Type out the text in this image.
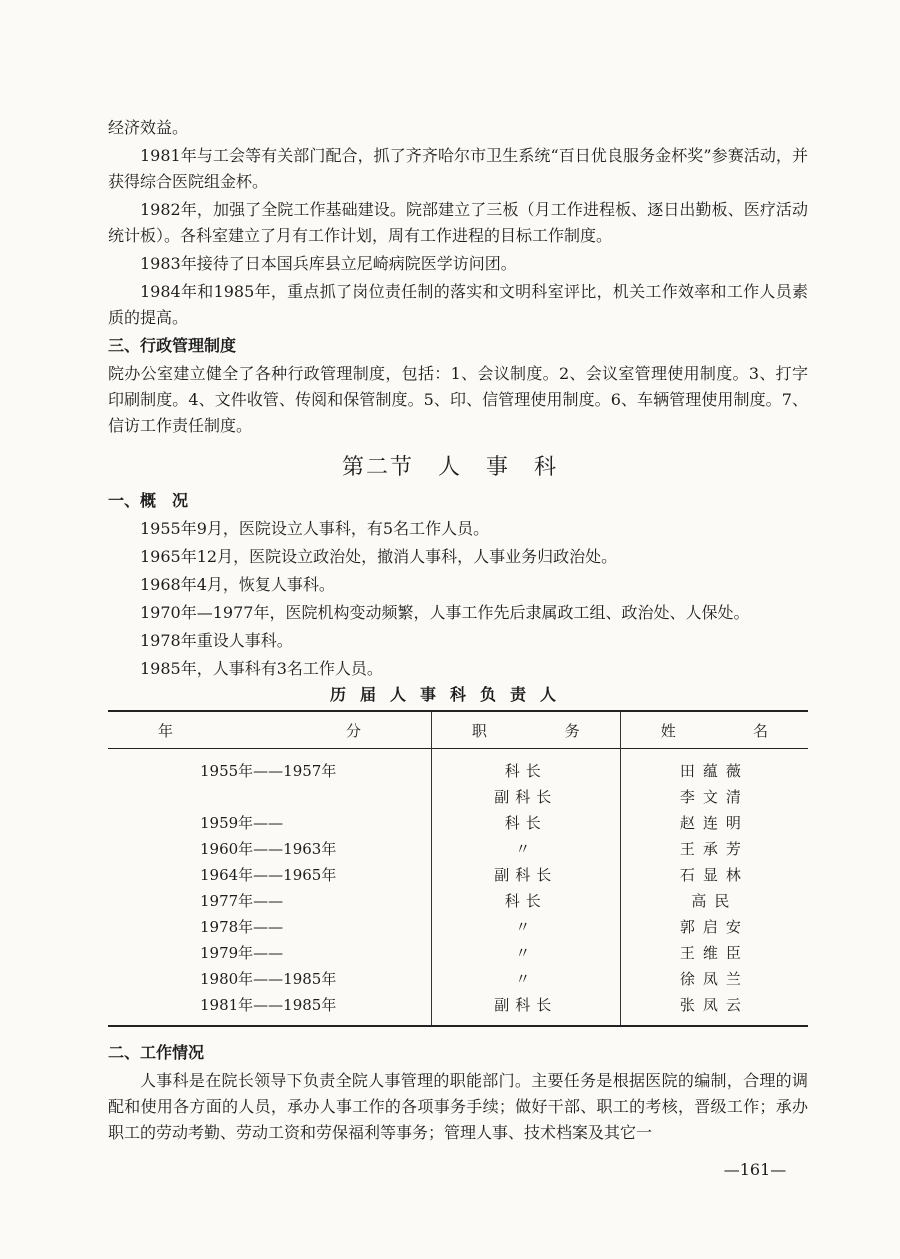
经济效益。

1981年与工会等有关部门配合，抓了齐齐哈尔市卫生系统“百日优良服务金杯奖”参赛活动，并获得综合医院组金杯。

1982年，加强了全院工作基础建设。院部建立了三板（月工作进程板、逐日出勤板、医疗活动统计板）。各科室建立了月有工作计划，周有工作进程的目标工作制度。

1983年接待了日本国兵库县立尼崎病院医学访问团。

1984年和1985年，重点抓了岗位责任制的落实和文明科室评比，机关工作效率和工作人员素质的提高。

三、行政管理制度

院办公室建立健全了各种行政管理制度，包括：1、会议制度。2、会议室管理使用制度。3、打字印刷制度。4、文件收管、传阅和保管制度。5、印、信管理使用制度。6、车辆管理使用制度。7、信访工作责任制度。

第二节　人　事　科

一、概　况

1955年9月，医院设立人事科，有5名工作人员。

1965年12月，医院设立政治处，撤消人事科，人事业务归政治处。

1968年4月，恢复人事科。

1970年—1977年，医院机构变动频繁，人事工作先后隶属政工组、政治处、人保处。

1978年重设人事科。

1985年，人事科有3名工作人员。

历届人事科负责人
年分	职务	姓名
1955年——1957年	科长	田蕴薇
	副科长	李文清
1959年——	科长	赵连明
1960年——1963年	〃	王承芳
1964年——1965年	副科长	石显林
1977年——	科长	高民
1978年——	〃	郭启安
1979年——	〃	王维臣
1980年——1985年	〃	徐凤兰
1981年——1985年	副科长	张凤云

二、工作情况

人事科是在院长领导下负责全院人事管理的职能部门。主要任务是根据医院的编制，合理的调配和使用各方面的人员，承办人事工作的各项事务手续；做好干部、职工的考核，晋级工作；承办职工的劳动考勤、劳动工资和劳保福利等事务；管理人事、技术档案及其它一

—161—
